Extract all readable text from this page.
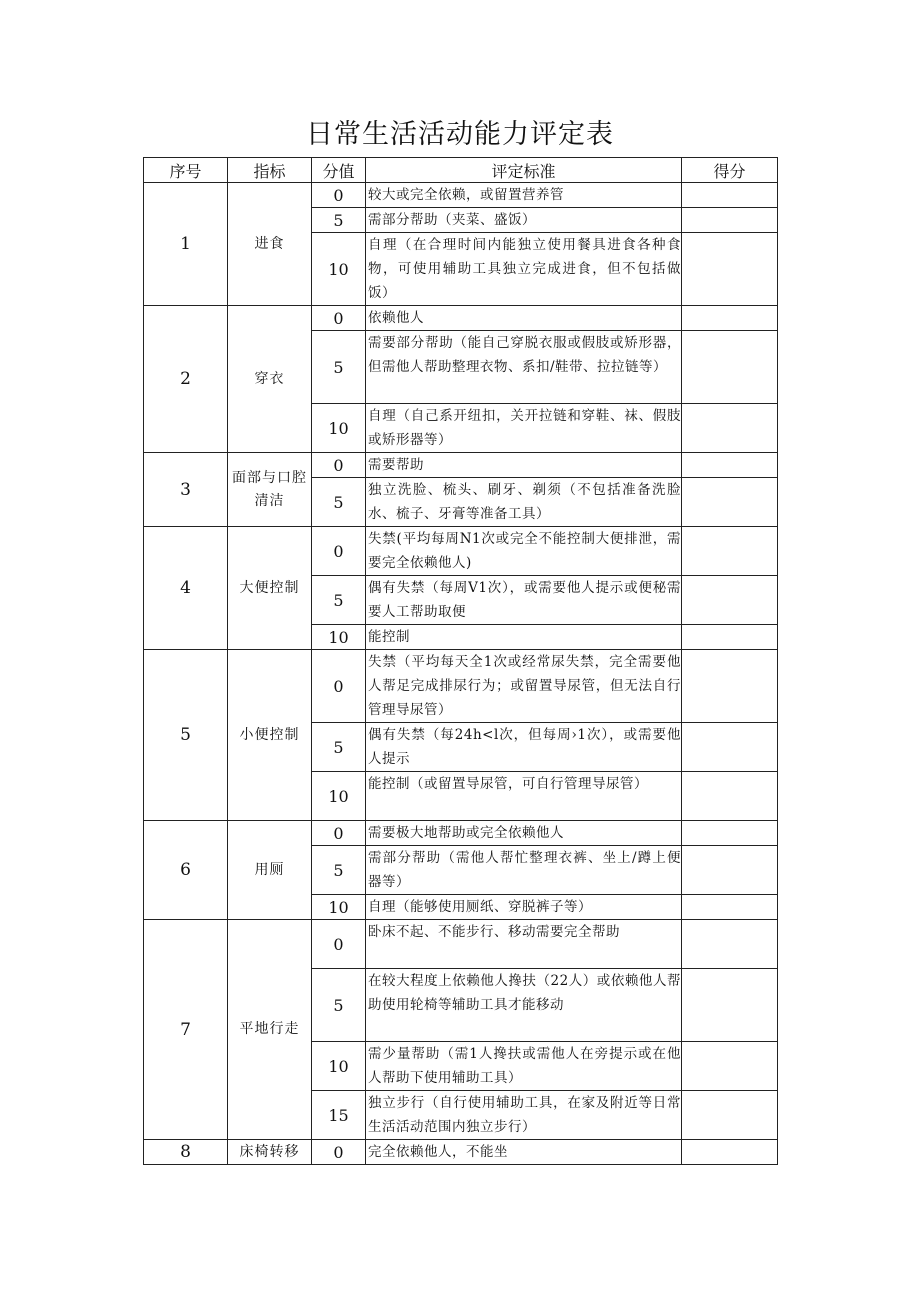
日常生活活动能力评定表
序号	指标	分值	评定标准	得分
1	进食	0	较大或完全依赖，或留置营养管	
		5	需部分帮助（夹菜、盛饭）	
		10	自理（在合理时间内能独立使用餐具进食各种食物，可使用辅助工具独立完成进食，但不包括做饭）	
2	穿衣	0	依赖他人	
		5	需要部分帮助（能自己穿脱衣服或假肢或矫形器，但需他人帮助整理衣物、系扣/鞋带、拉拉链等）	
		10	自理（自己系开纽扣，关开拉链和穿鞋、袜、假肢或矫形器等）	
3	面部与口腔清洁	0	需要帮助	
		5	独立洗脸、梳头、刷牙、剃须（不包括准备洗脸水、梳子、牙膏等准备工具）	
4	大便控制	0	失禁(平均每周N1次或完全不能控制大便排泄，需要完全依赖他人)	
		5	偶有失禁（每周V1次），或需要他人提示或便秘需要人工帮助取便	
		10	能控制	
5	小便控制	0	失禁（平均每天全1次或经常尿失禁，完全需要他人帮足完成排尿行为；或留置导尿管，但无法自行管理导尿管）	
		5	偶有失禁（每24h<l次，但每周›1次），或需要他人提示	
		10	能控制（或留置导尿管，可自行管理导尿管）	
6	用厕	0	需要极大地帮助或完全依赖他人	
		5	需部分帮助（需他人帮忙整理衣裤、坐上/蹲上便器等）	
		10	自理（能够使用厕纸、穿脱裤子等）	
7	平地行走	0	卧床不起、不能步行、移动需要完全帮助	
		5	在较大程度上依赖他人搀扶（22人）或依赖他人帮助使用轮椅等辅助工具才能移动	
		10	需少量帮助（需1人搀扶或需他人在旁提示或在他人帮助下使用辅助工具）	
		15	独立步行（自行使用辅助工具，在家及附近等日常生活活动范围内独立步行）	
8	床椅转移	0	完全依赖他人，不能坐	
